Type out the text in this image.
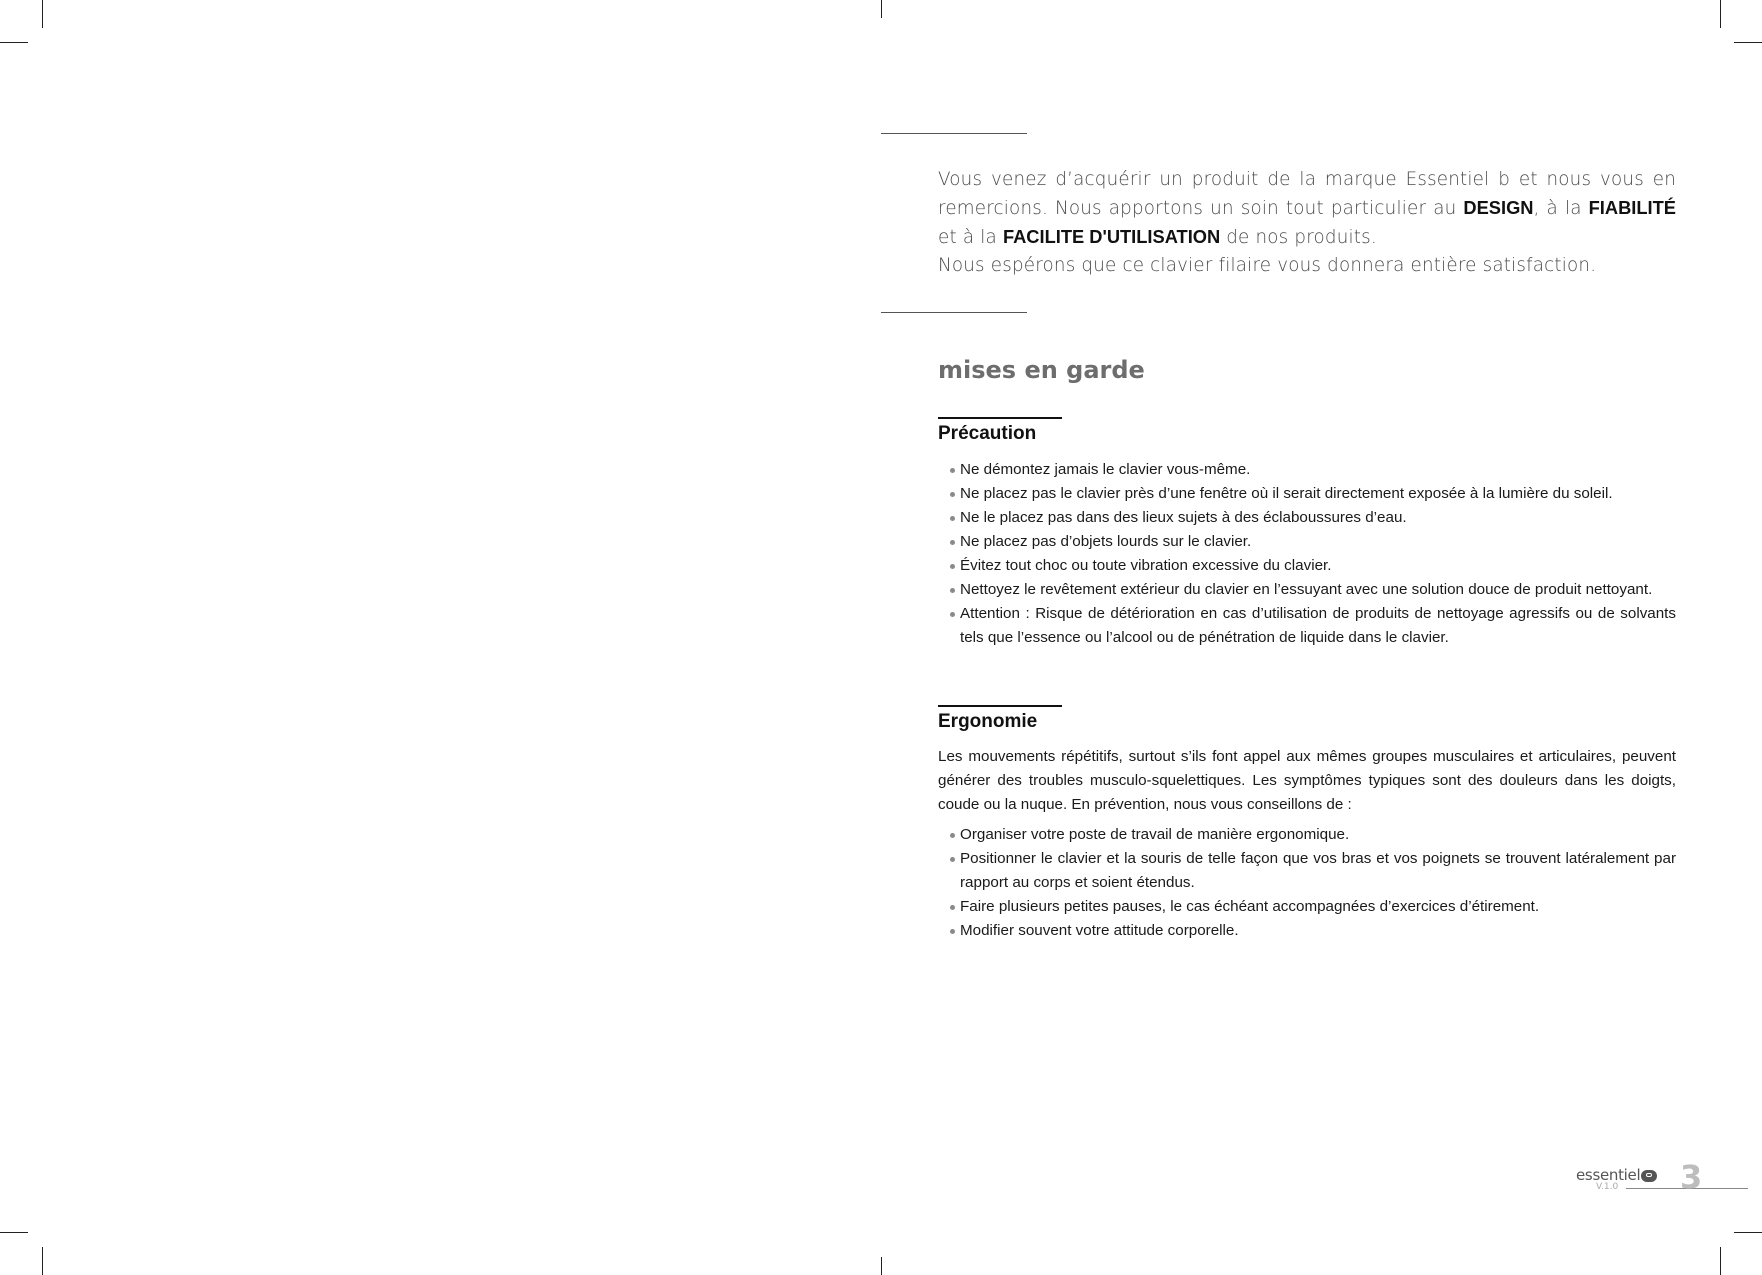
Vous venez d’acquérir un produit de la marque Essentiel b et nous vous en remercions. Nous apportons un soin tout particulier au DESIGN, à la FIABILITÉ et à la FACILITE D'UTILISATION de nos produits.

Nous espérons que ce clavier filaire vous donnera entière satisfaction.

mises en garde
Précaution
Ne démontez jamais le clavier vous-même.
Ne placez pas le clavier près d’une fenêtre où il serait directement exposée à la lumière du soleil.
Ne le placez pas dans des lieux sujets à des éclaboussures d’eau.
Ne placez pas d’objets lourds sur le clavier.
Évitez tout choc ou toute vibration excessive du clavier.
Nettoyez le revêtement extérieur du clavier en l’essuyant avec une solution douce de produit nettoyant.
Attention : Risque de détérioration en cas d’utilisation de produits de nettoyage agressifs ou de solvants tels que l’essence ou l’alcool ou de pénétration de liquide dans le clavier.
Ergonomie

Les mouvements répétitifs, surtout s’ils font appel aux mêmes groupes musculaires et articulaires, peuvent générer des troubles musculo-squelettiques. Les symptômes typiques sont des douleurs dans les doigts, coude ou la nuque. En prévention, nous vous conseillons de :

Organiser votre poste de travail de manière ergonomique.
Positionner le clavier et la souris de telle façon que vos bras et vos poignets se trouvent latéralement par rapport au corps et soient étendus.
Faire plusieurs petites pauses, le cas échéant accompagnées d’exercices d’étirement.
Modifier souvent votre attitude corporelle.
essentiel
V.1.0 3
